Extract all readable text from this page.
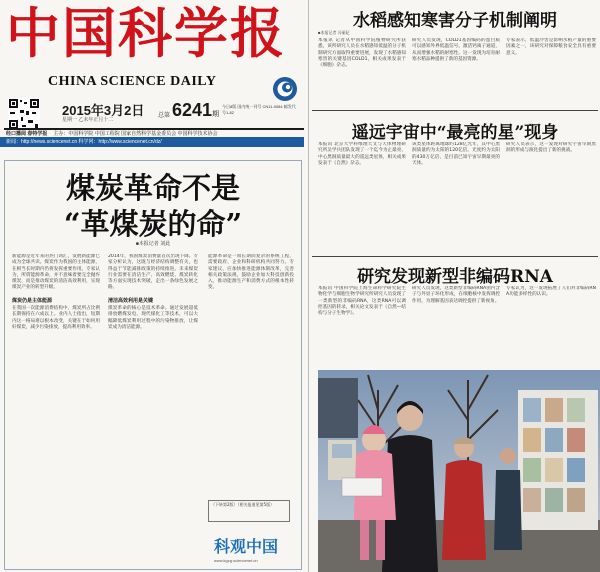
中国科学报
CHINA SCIENCE DAILY
2015年3月2日
星期一 乙未年正月十二
总第 6241期
今日8版 国内统一刊号 CN11-0084 邮发代号1-82
经口播阅 春特学报 主办：中国科学院 中国工程院 国家自然科学基金委员会 中国科学技术协会
新闻：http://news.sciencenet.cn 科学网：http://www.sciencenet.cn/dz/
煤炭革命不是
“革煤炭的命”
■本报记者 刘此
新能源是近年来的热门词汇，发展新能源已成为全球共识。煤炭作为我国的主体能源，在相当长时期内仍将发挥重要作用。专家认为，所谓能源革命，并不意味着要完全抛弃煤炭，而是推动煤炭的清洁高效利用，实现煤炭产业的转型升级。
煤炭仍是主体能源
在我国一次能源消费结构中，煤炭所占比例长期保持在六成以上。业内人士指出，短期内这一格局难以根本改变，关键在于如何用好煤炭，减少污染排放，提高利用效率。
2014年，我国煤炭消费量首次出现下降。专家分析认为，这既与经济结构调整有关，也得益于节能减排政策的持续推进。未来煤炭行业需要在清洁生产、高效燃烧、煤炭转化等方面实现技术突破，走出一条绿色发展之路。
清洁高效利用是关键
煤炭革命的核心是技术革命。通过发展超低排放燃煤发电、现代煤化工等技术，可以大幅降低煤炭利用过程中的污染物排放，让煤炭成为清洁能源。
能源革命是一项长期而复杂的系统工程，需要政府、企业和科研机构共同努力。专家建议，应加快推进能源体制改革，完善相关政策法规，鼓励企业加大科技创新投入，推动能源生产和消费方式的根本性转变。
（下转第2版）（相关报道见第5版）
科观中国
www.kgzg.sciencenet.cn
水稻感知寒害分子机制阐明
■本报记者 冯丽妃
本报讯 记者从中国科学院植物研究所获悉，该所研究人员在水稻感知低温的分子机制研究方面取得重要进展，发现了水稻感知寒害的关键基因COLD1，相关成果发表于《细胞》杂志。
研究人员发现，COLD1基因编码的蛋白质可以感知外界低温信号，激活钙离子通道，从而增强水稻的耐寒性。这一发现为培育耐寒水稻品种提供了新的基因资源。
专家表示，低温冷害是影响水稻产量的重要因素之一，该研究对保障粮食安全具有重要意义。
遥远宇宙中“最亮的星”现身
本报讯 北京大学科维理天文与天体物理研究所吴学兵团队发现了一个迄今为止最亮、中心黑洞质量最大的遥远类星体，相关成果发表于《自然》杂志。
该类星体距离地球约128亿光年，其中心黑洞质量约为太阳的120亿倍，光度约为太阳的430万亿倍，是目前已知宇宙早期最亮的天体。
研究人员表示，这一发现对研究宇宙早期黑洞的形成与演化提出了新的挑战。
研究发现新型非编码RNA
本报讯 中国科学院上海生命科学研究院生物化学与细胞生物学研究所研究人员发现了一类新型的非编码RNA，这类RNA可以调控基因的转录，相关论文发表于《自然—结构与分子生物学》。
研究人员发现，这类新型非编码RNA由内含子与外显子环化形成，在细胞核中发挥调控作用，为理解基因表达调控提供了新视角。
专家认为，这一发现拓展了人们对非编码RNA功能多样性的认识。
